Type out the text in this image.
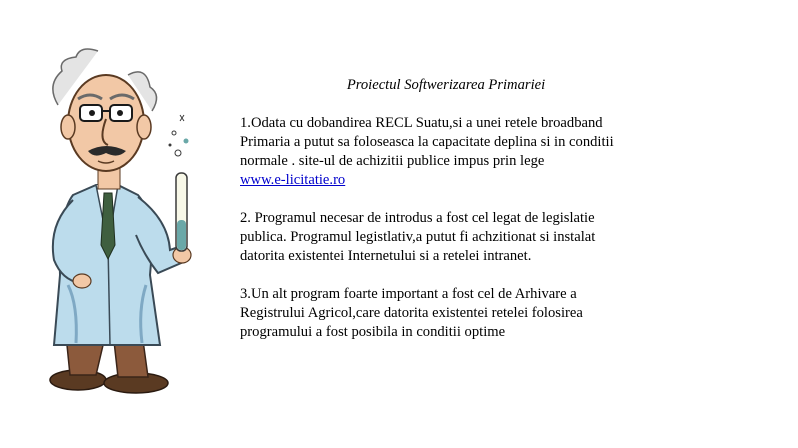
Proiectul Softwerizarea Primariei
1.Odata cu dobandirea RECL Suatu,si a unei retele broadband
Primaria a putut sa foloseasca la capacitate deplina si in conditii
normale . site-ul de achizitii publice impus prin lege
www.e-licitatie.ro
2. Programul necesar de introdus a fost cel legat de legislatie
publica. Programul legistlativ,a putut fi achzitionat si instalat
datorita existentei Internetului si a retelei intranet.
3.Un alt program foarte important a fost cel de Arhivare a
Registrului Agricol,care datorita existentei retelei folosirea
programului a fost posibila in conditii optime
